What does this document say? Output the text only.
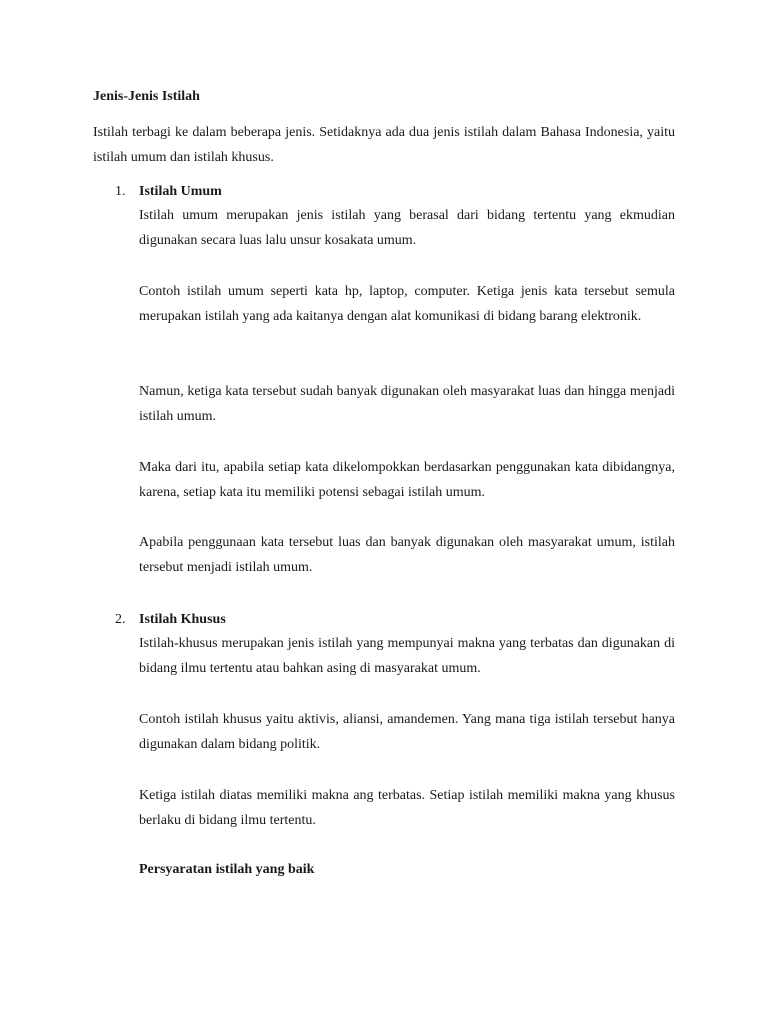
Jenis-Jenis Istilah

Istilah terbagi ke dalam beberapa jenis. Setidaknya ada dua jenis istilah dalam Bahasa Indonesia, yaitu istilah umum dan istilah khusus.

1. Istilah Umum

Istilah umum merupakan jenis istilah yang berasal dari bidang tertentu yang ekmudian digunakan secara luas lalu unsur kosakata umum.

Contoh istilah umum seperti kata hp, laptop, computer. Ketiga jenis kata tersebut semula merupakan istilah yang ada kaitanya dengan alat komunikasi di bidang barang elektronik.

Namun, ketiga kata tersebut sudah banyak digunakan oleh masyarakat luas dan hingga menjadi istilah umum.

Maka dari itu, apabila setiap kata dikelompokkan berdasarkan penggunakan kata dibidangnya, karena, setiap kata itu memiliki potensi sebagai istilah umum.

Apabila penggunaan kata tersebut luas dan banyak digunakan oleh masyarakat umum, istilah tersebut menjadi istilah umum.

2. Istilah Khusus

Istilah-khusus merupakan jenis istilah yang mempunyai makna yang terbatas dan digunakan di bidang ilmu tertentu atau bahkan asing di masyarakat umum.

Contoh istilah khusus yaitu aktivis, aliansi, amandemen. Yang mana tiga istilah tersebut hanya digunakan dalam bidang politik.

Ketiga istilah diatas memiliki makna ang terbatas. Setiap istilah memiliki makna yang khusus berlaku di bidang ilmu tertentu.

Persyaratan istilah yang baik
